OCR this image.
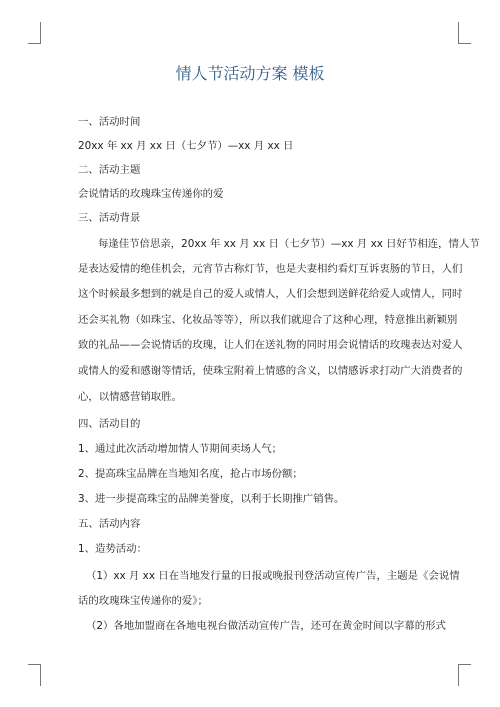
情人节活动方案 模板
一、活动时间
20xx 年 xx 月 xx 日（七夕节）—xx 月 xx 日
二、活动主题
会说情话的玫瑰珠宝传递你的爱
三、活动背景
每逢佳节倍思亲，20xx 年 xx 月 xx 日（七夕节）—xx 月 xx 日好节相连，情人节
是表达爱情的绝佳机会，元宵节古称灯节，也是夫妻相约看灯互诉衷肠的节日，人们
这个时候最多想到的就是自己的爱人或情人，人们会想到送鲜花给爱人或情人，同时
还会买礼物（如珠宝、化妆品等等），所以我们就迎合了这种心理，特意推出新颖别
致的礼品——会说情话的玫瑰，让人们在送礼物的同时用会说情话的玫瑰表达对爱人
或情人的爱和感谢等情话，使珠宝附着上情感的含义，以情感诉求打动广大消费者的
心，以情感营销取胜。
四、活动目的
1、通过此次活动增加情人节期间卖场人气；
2、提高珠宝品牌在当地知名度，抢占市场份额；
3、进一步提高珠宝的品牌美誉度，以利于长期推广销售。
五、活动内容
1、造势活动：
（1）xx 月 xx 日在当地发行量的日报或晚报刊登活动宣传广告，主题是《会说情
话的玫瑰珠宝传递你的爱》；
（2）各地加盟商在各地电视台做活动宣传广告，还可在黄金时间以字幕的形式
